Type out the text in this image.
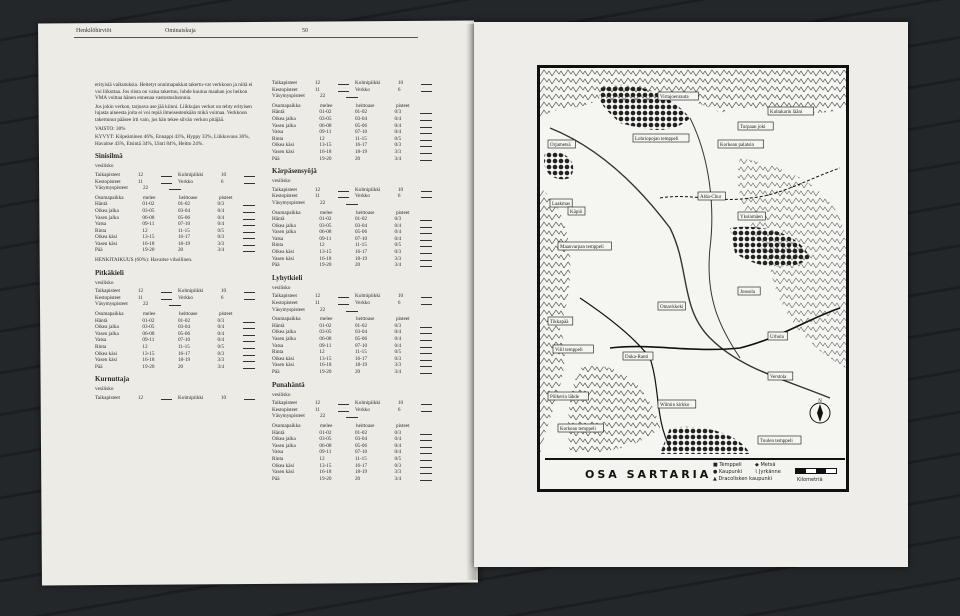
Henkilöhirviöt	Ominaiskuja	50

erityisiä vaikutuksia. Heitetyt onnimapukkat takertu-vat verkkoon ja niitä ei voi liikuttaa. Jos riista on vaisa takertuu, lohde kuutua maahan jos heikon VMA voittaa hänen ennenaa vastustusluonnia.

Jos jokin verkon, tarjoava ase jää kiinni. Liikkujan verkot on tehty erityisen lujasta aineesta joita ei voi repiä ilmeisestenkään mikä voimaa. Verkkoon takertunut pääsee irti vain, jos hän tekee silvän verkon pitäjää.

VAISTO: 30%

KYVYT: Kiipeäminen 46%, Ennappi 43%, Hyppy 33%, Liikkuvuus 36%, Havaitse 43%, Etsintä 34%, Uinti 84%, Heitto 24%.

Sinisilmä

vesilisko

Taikapisteet	12	Kolmipiikki	10
Kestopisteet	11	Verkko	6
Väsymyspisteet	22
Osumapaikka	melee	heittoase	pisteet
Häntä	01-02	01-02	0/3
Oikea jalka	03-05	03-04	0/4
Vasen jalka	06-08	05-06	0/4
Vatsa	09-11	07-10	0/4
Rinta	12	11-15	0/5
Oikea käsi	13-15	16-17	0/3
Vasen käsi	16-18	18-19	3/3
Pää	19-20	20	3/4

HENKITAIKUUS (60%): Havaitse vihollinen.

Pitkäkieli

vesilisko

Taikapisteet	12	Kolmipiikki	10
Kestopisteet	11	Verkko	6
Väsymyspisteet	22
Osumapaikka	melee	heittoase	pisteet
Häntä	01-02	01-02	0/3
Oikea jalka	03-05	03-04	0/4
Vasen jalka	06-08	05-06	0/4
Vatsa	09-11	07-10	0/4
Rinta	12	11-15	0/5
Oikea käsi	13-15	16-17	0/3
Vasen käsi	16-18	18-19	3/3
Pää	19-20	20	3/4
Kurnuttaja

vesilisko

Taikapisteet	12	Kolmipiikki	10
Taikapisteet	12	Kolmipiikki	10
Kestopisteet	11	Verkko	6
Väsymyspisteet	22
Osumapaikka	melee	heittoase	pisteet
Häntä	01-02	01-02	0/3
Oikea jalka	03-05	03-04	0/4
Vasen jalka	06-08	05-06	0/4
Vatsa	09-11	07-10	0/4
Rinta	12	11-15	0/5
Oikea käsi	13-15	16-17	0/3
Vasen käsi	16-18	18-19	3/3
Pää	19-20	20	3/4
Kärpäsensyöjä

vesilisko

Taikapisteet	12	Kolmipiikki	10
Kestopisteet	11	Verkko	6
Väsymyspisteet	22
Osumapaikka	melee	heittoase	pisteet
Häntä	01-02	01-02	0/3
Oikea jalka	03-05	03-04	0/4
Vasen jalka	06-08	05-06	0/4
Vatsa	09-11	07-10	0/4
Rinta	12	11-15	0/5
Oikea käsi	13-15	16-17	0/3
Vasen käsi	16-18	18-19	3/3
Pää	19-20	20	3/4
Lyhytkieli

vesilisko

Taikapisteet	12	Kolmipiikki	10
Kestopisteet	11	Verkko	6
Väsymyspisteet	22
Osumapaikka	melee	heittoase	pisteet
Häntä	01-02	01-02	0/3
Oikea jalka	03-05	03-04	0/4
Vasen jalka	06-08	05-06	0/4
Vatsa	09-11	07-10	0/4
Rinta	12	11-15	0/5
Oikea käsi	13-15	16-17	0/3
Vasen käsi	16-18	18-19	3/3
Pää	19-20	20	3/4
Punahäntä

vesilisko

Taikapisteet	12	Kolmipiikki	10
Kestopisteet	11	Verkko	6
Väsymyspisteet	22
Osumapaikka	melee	heittoase	pisteet
Häntä	01-02	01-02	0/3
Oikea jalka	03-05	03-04	0/4
Vasen jalka	06-08	05-06	0/4
Vatsa	09-11	07-10	0/4
Rinta	12	11-15	0/5
Oikea käsi	13-15	16-17	0/3
Vasen käsi	16-18	18-19	3/3
Pää	19-20	20	3/4
Virtajoenrauta
Kultakarin lääni
Turpaan joki
Orjametsä
Lohriopojan temppeli
Korkean palatsin
Alda-Chur
Laakmas
Käpiö
Yksinmäen
Maanvarpan temppeli
Jonsola
Omavkkeki
Tikkapää
Vilil temppeli
Duka-Ranti
Urhola
Verstola
Wilmin kirkko
Korkean temppeli
Tuulen temppeli
Pölkerin lähde
N
OSA SARTARIA
■ Temppeli
● Kaupunki
▲ Dracolisken kaupunki
◆ Metsä
⌇ Jyrkänne
Kilometriä
